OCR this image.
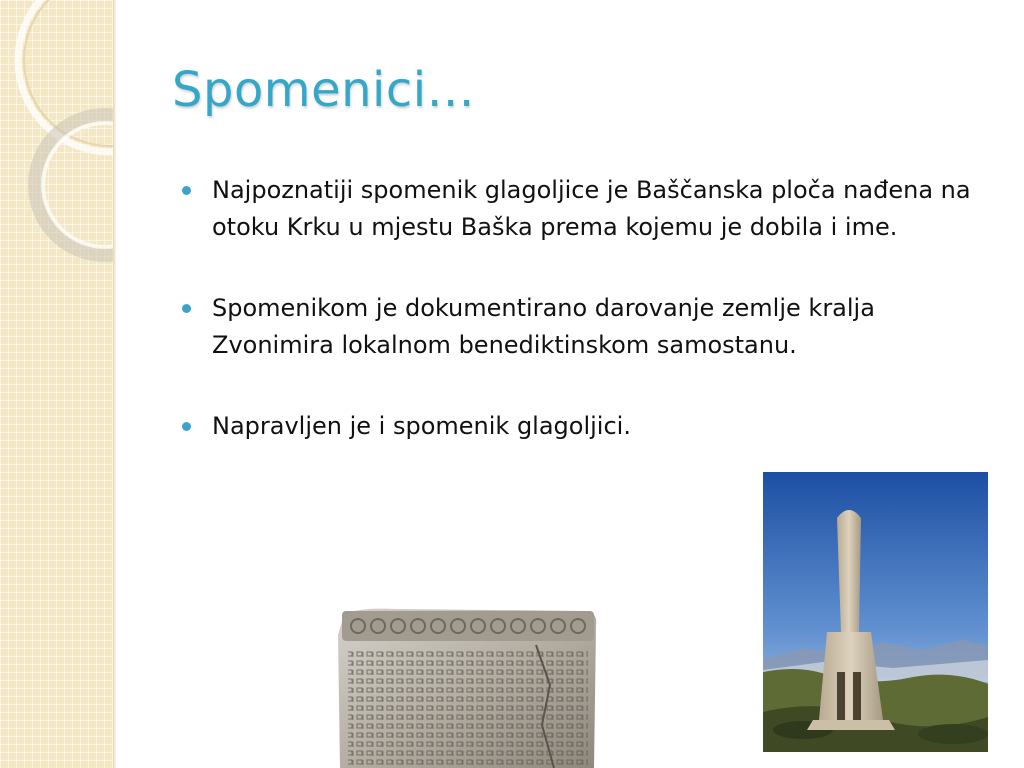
Spomenici…
Najpoznatiji spomenik glagoljice je Baščanska ploča nađena na otoku Krku u mjestu Baška prema kojemu je dobila i ime.
Spomenikom je dokumentirano darovanje zemlje kralja Zvonimira lokalnom benediktinskom samostanu.
Napravljen je i spomenik glagoljici.
